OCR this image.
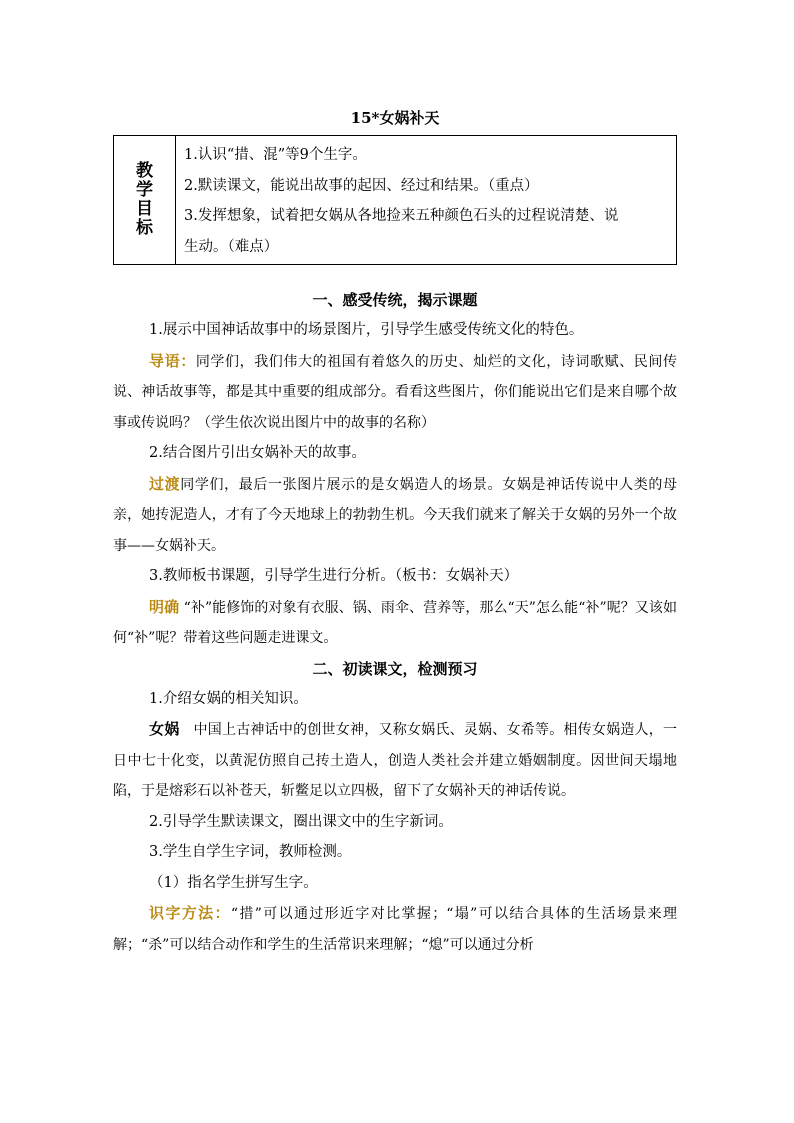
15*女娲补天
教学目标	
1.认识“措、混”等9个生字。
2.默读课文，能说出故事的起因、经过和结果。（重点）
3.发挥想象，试着把女娲从各地捡来五种颜色石头的过程说清楚、说
生动。（难点）
一、感受传统，揭示课题
1.展示中国神话故事中的场景图片，引导学生感受传统文化的特色。
导语：同学们，我们伟大的祖国有着悠久的历史、灿烂的文化，诗词歌赋、民间传说、神话故事等，都是其中重要的组成部分。看看这些图片，你们能说出它们是来自哪个故事或传说吗？（学生依次说出图片中的故事的名称）
2.结合图片引出女娲补天的故事。
过渡同学们，最后一张图片展示的是女娲造人的场景。女娲是神话传说中人类的母亲，她抟泥造人，才有了今天地球上的勃勃生机。今天我们就来了解关于女娲的另外一个故事——女娲补天。
3.教师板书课题，引导学生进行分析。（板书：女娲补天）
明确 “补”能修饰的对象有衣服、锅、雨伞、营养等，那么“天”怎么能“补”呢？又该如何“补”呢？带着这些问题走进课文。
二、初读课文，检测预习
1.介绍女娲的相关知识。
女娲 中国上古神话中的创世女神，又称女娲氏、灵娲、女希等。相传女娲造人，一日中七十化变，以黄泥仿照自己抟土造人，创造人类社会并建立婚姻制度。因世间天塌地陷，于是熔彩石以补苍天，斩鳖足以立四极，留下了女娲补天的神话传说。
2.引导学生默读课文，圈出课文中的生字新词。
3.学生自学生字词，教师检测。
（1）指名学生拼写生字。
识字方法：“措”可以通过形近字对比掌握；“塌”可以结合具体的生活场景来理解；“杀”可以结合动作和学生的生活常识来理解；“熄”可以通过分析
